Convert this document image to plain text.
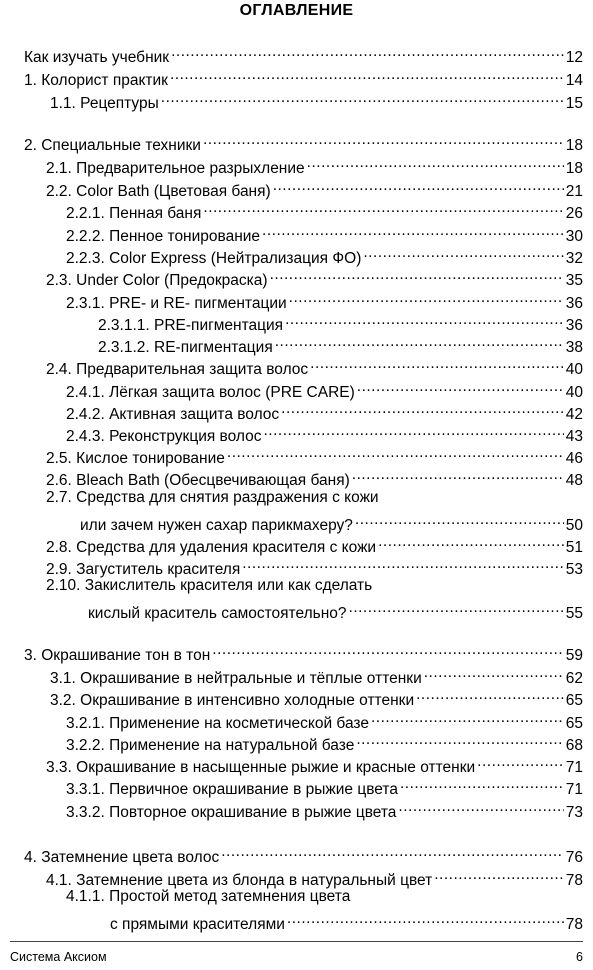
ОГЛАВЛЕНИЕ
Как изучать учебник .....	12
1. Колорист практик .....	14
1.1. Рецептуры .....	15
2. Специальные техники .....	18
2.1. Предварительное разрыхление .....	18
2.2. Color Bath (Цветовая баня) .....	21
2.2.1. Пенная баня .....	26
2.2.2. Пенное тонирование .....	30
2.2.3. Color Express (Нейтрализация ФО) .....	32
2.3. Under Color (Предокраска) .....	35
2.3.1. PRE- и RE- пигментации .....	36
2.3.1.1. PRE-пигментация .....	36
2.3.1.2. RE-пигментация .....	38
2.4. Предварительная защита волос .....	40
2.4.1. Лёгкая защита волос (PRE CARE) .....	40
2.4.2. Активная защита волос .....	42
2.4.3. Реконструкция волос .....	43
2.5. Кислое тонирование .....	46
2.6. Bleach Bath (Обесцвечивающая баня) .....	48
2.7. Средства для снятия раздражения с кожи
или зачем нужен сахар парикмахеру? .....	50
2.8. Средства для удаления красителя с кожи .....	51
2.9. Загуститель красителя .....	53
2.10. Закислитель красителя или как сделать
кислый краситель самостоятельно? .....	55
3. Окрашивание тон в тон .....	59
3.1. Окрашивание в нейтральные и тёплые оттенки .....	62
3.2. Окрашивание в интенсивно холодные оттенки .....	65
3.2.1. Применение на косметической базе .....	65
3.2.2. Применение на натуральной базе .....	68
3.3. Окрашивание в насыщенные рыжие и красные оттенки .....	71
3.3.1. Первичное окрашивание в рыжие цвета .....	71
3.3.2. Повторное окрашивание в рыжие цвета .....	73
4. Затемнение цвета волос .....	76
4.1. Затемнение цвета из блонда в натуральный цвет .....	78
4.1.1. Простой метод затемнения цвета
с прямыми красителями .....	78
Система Аксиом	6
